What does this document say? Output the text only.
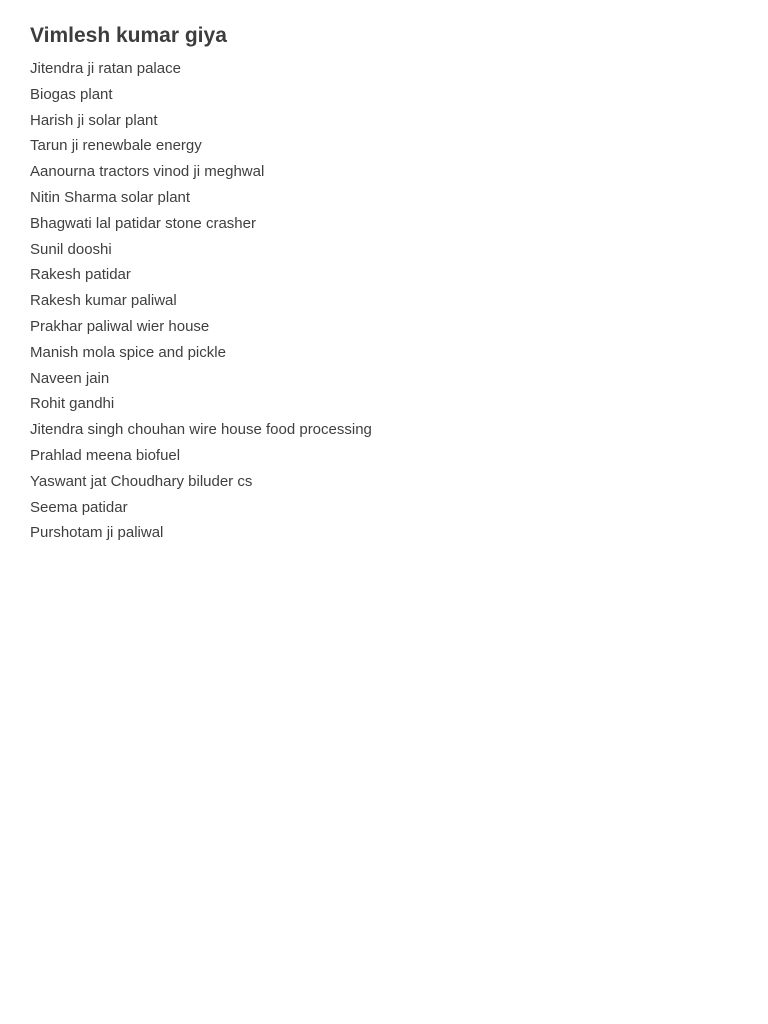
Vimlesh kumar giya
Jitendra ji ratan palace
Biogas plant
Harish ji solar plant
Tarun ji renewbale energy
Aanourna tractors vinod ji meghwal
Nitin Sharma solar plant
Bhagwati lal patidar stone crasher
Sunil dooshi
Rakesh patidar
Rakesh kumar paliwal
Prakhar paliwal wier house
Manish mola spice and pickle
Naveen jain
Rohit gandhi
Jitendra singh chouhan wire house food processing
Prahlad meena biofuel
Yaswant jat Choudhary biluder cs
Seema patidar
Purshotam ji paliwal
